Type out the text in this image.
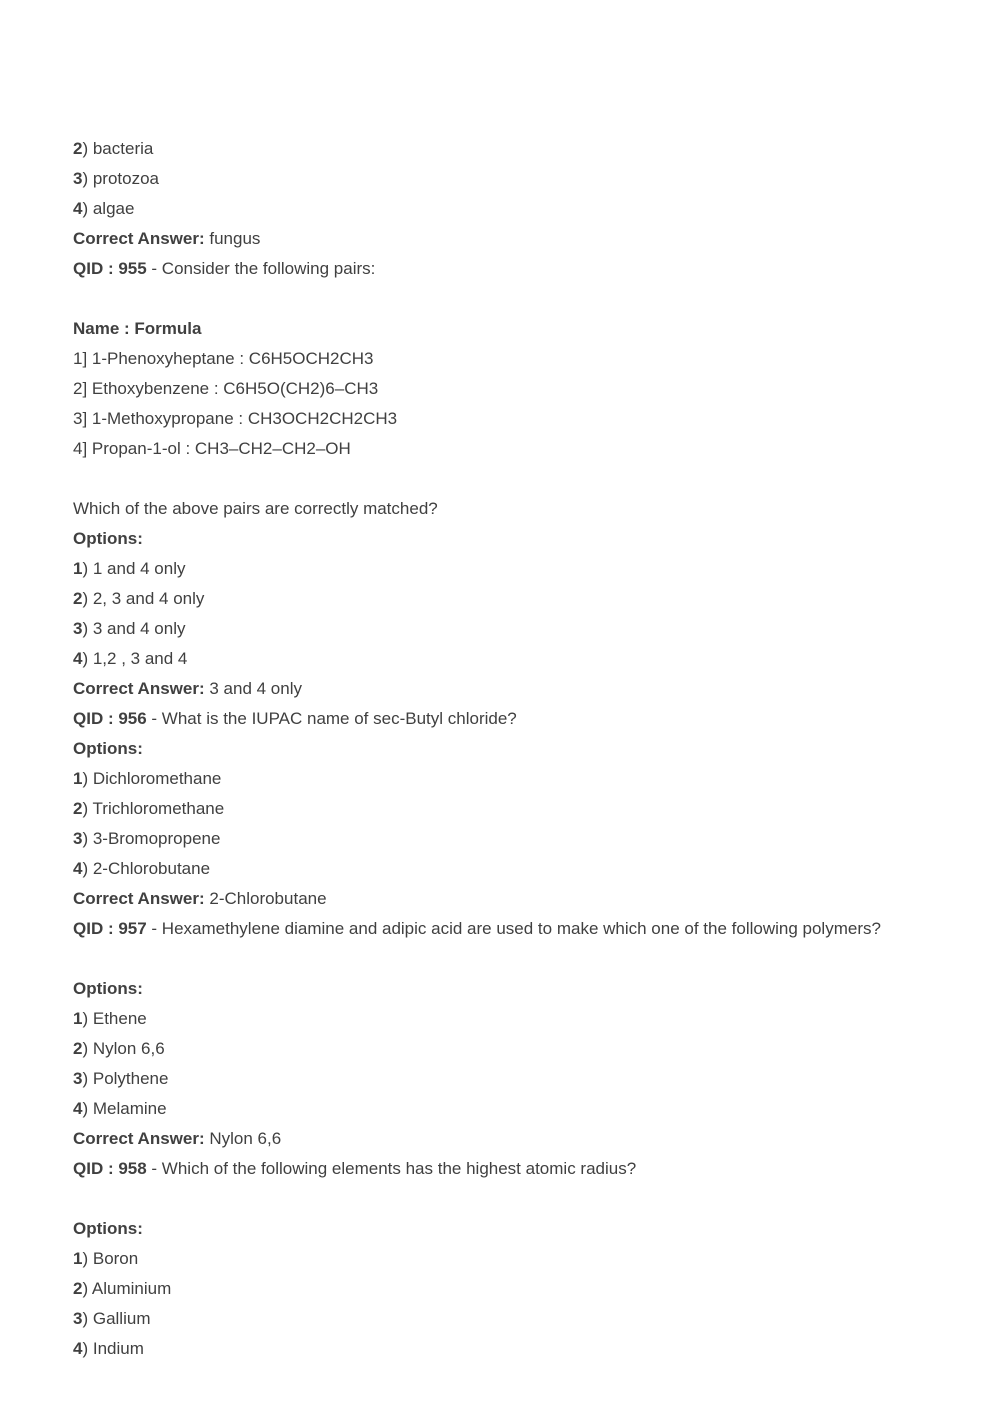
2) bacteria
3) protozoa
4) algae
Correct Answer: fungus
QID : 955 - Consider the following pairs:
Name : Formula
1] 1-Phenoxyheptane : C6H5OCH2CH3
2] Ethoxybenzene : C6H5O(CH2)6–CH3
3] 1-Methoxypropane : CH3OCH2CH2CH3
4] Propan-1-ol : CH3–CH2–CH2–OH
Which of the above pairs are correctly matched?
Options:
1) 1 and 4 only
2) 2, 3 and 4 only
3) 3 and 4 only
4) 1,2 , 3 and 4
Correct Answer: 3 and 4 only
QID : 956 - What is the IUPAC name of sec-Butyl chloride?
Options:
1) Dichloromethane
2) Trichloromethane
3) 3-Bromopropene
4) 2-Chlorobutane
Correct Answer: 2-Chlorobutane
QID : 957 - Hexamethylene diamine and adipic acid are used to make which one of the following polymers?
Options:
1) Ethene
2) Nylon 6,6
3) Polythene
4) Melamine
Correct Answer: Nylon 6,6
QID : 958 - Which of the following elements has the highest atomic radius?
Options:
1) Boron
2) Aluminium
3) Gallium
4) Indium
